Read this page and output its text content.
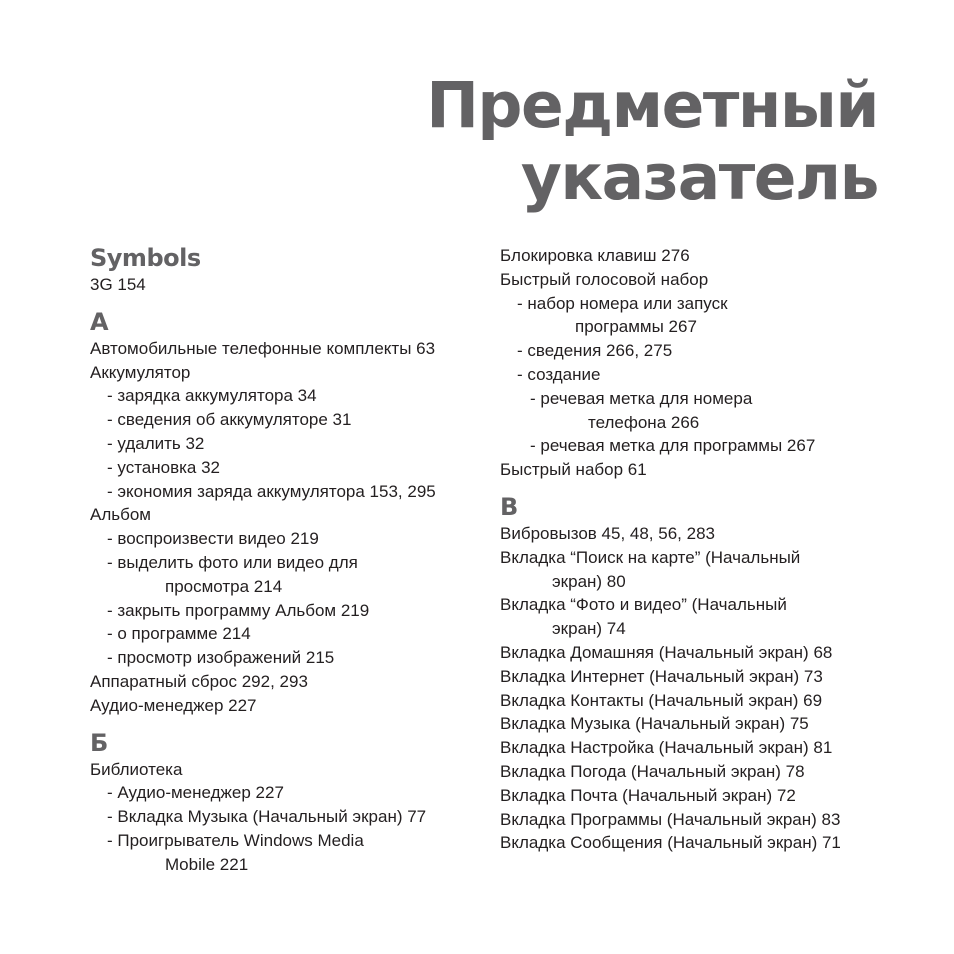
Предметный
указатель
Symbols
3G 154
А
Автомобильные телефонные комплекты 63
Аккумулятор
- зарядка аккумулятора 34
- сведения об аккумуляторе 31
- удалить 32
- установка 32
- экономия заряда аккумулятора 153, 295
Альбом
- воспроизвести видео 219
- выделить фото или видео для
просмотра 214
- закрыть программу Альбом 219
- о программе 214
- просмотр изображений 215
Аппаратный сброс 292, 293
Аудио-менеджер 227
Б
Библиотека
- Аудио-менеджер 227
- Вкладка Музыка (Начальный экран) 77
- Проигрыватель Windows Media
Mobile 221
Блокировка клавиш 276
Быстрый голосовой набор
- набор номера или запуск
программы 267
- сведения 266, 275
- создание
- речевая метка для номера
телефона 266
- речевая метка для программы 267
Быстрый набор 61
В
Вибровызов 45, 48, 56, 283
Вкладка “Поиск на карте” (Начальный
экран) 80
Вкладка “Фото и видео” (Начальный
экран) 74
Вкладка Домашняя (Начальный экран) 68
Вкладка Интернет (Начальный экран) 73
Вкладка Контакты (Начальный экран) 69
Вкладка Музыка (Начальный экран) 75
Вкладка Настройка (Начальный экран) 81
Вкладка Погода (Начальный экран) 78
Вкладка Почта (Начальный экран) 72
Вкладка Программы (Начальный экран) 83
Вкладка Сообщения (Начальный экран) 71
